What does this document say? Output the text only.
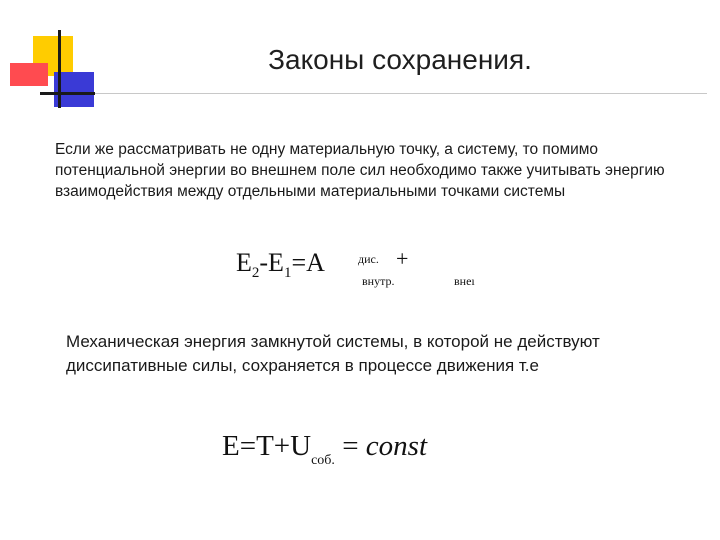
Законы сохранения.
Если же рассматривать не одну материальную точку, а систему, то помимо потенциальной энергии во внешнем поле сил необходимо также учитывать энергию взаимодействия между отдельными материальными точками системы
$E_2-E_1=A$	дис.
внутр.
+
внеı
Механическая энергия замкнутой системы, в которой не действуют диссипативные силы, сохраняется в процессе движения т.е
$E=T+U_{соб.}$ = const
